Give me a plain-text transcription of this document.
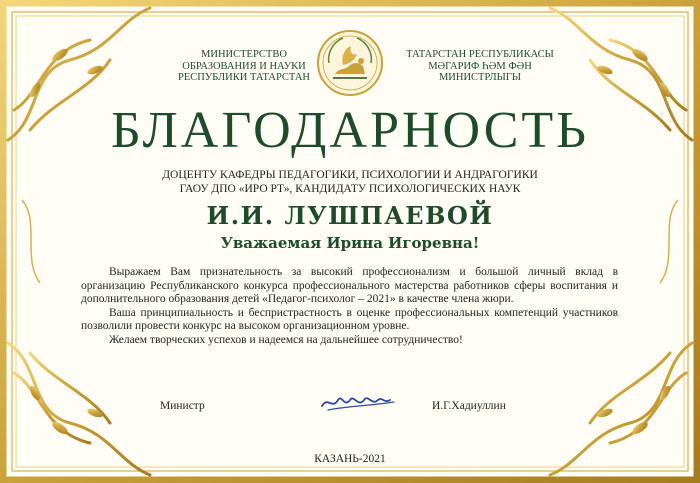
МИНИСТЕРСТВО
ОБРАЗОВАНИЯ И НАУКИ
РЕСПУБЛИКИ ТАТАРСТАН
ТАТАРСТАН РЕСПУБЛИКАСЫ
МӘГАРИФ ҺӘМ ФӘН
МИНИСТРЛЫГЫ
БЛАГОДАРНОСТЬ
ДОЦЕНТУ КАФЕДРЫ ПЕДАГОГИКИ, ПСИХОЛОГИИ И АНДРАГОГИКИ
ГАОУ ДПО «ИРО РТ», КАНДИДАТУ ПСИХОЛОГИЧЕСКИХ НАУК
И.И. ЛУШПАЕВОЙ
Уважаемая Ирина Игоревна!

Выражаем Вам признательность за высокий профессионализм и большой личный вклад в организацию Республиканского конкурса профессионального мастерства работников сферы воспитания и дополнительного образования детей «Педагог-психолог – 2021» в качестве члена жюри.

Ваша принципиальность и беспристрастность в оценке профессиональных компетенций участников позволили провести конкурс на высоком организационном уровне.

Желаем творческих успехов и надеемся на дальнейшее сотрудничество!

Министр	И.Г.Хадиуллин
КАЗАНЬ-2021
